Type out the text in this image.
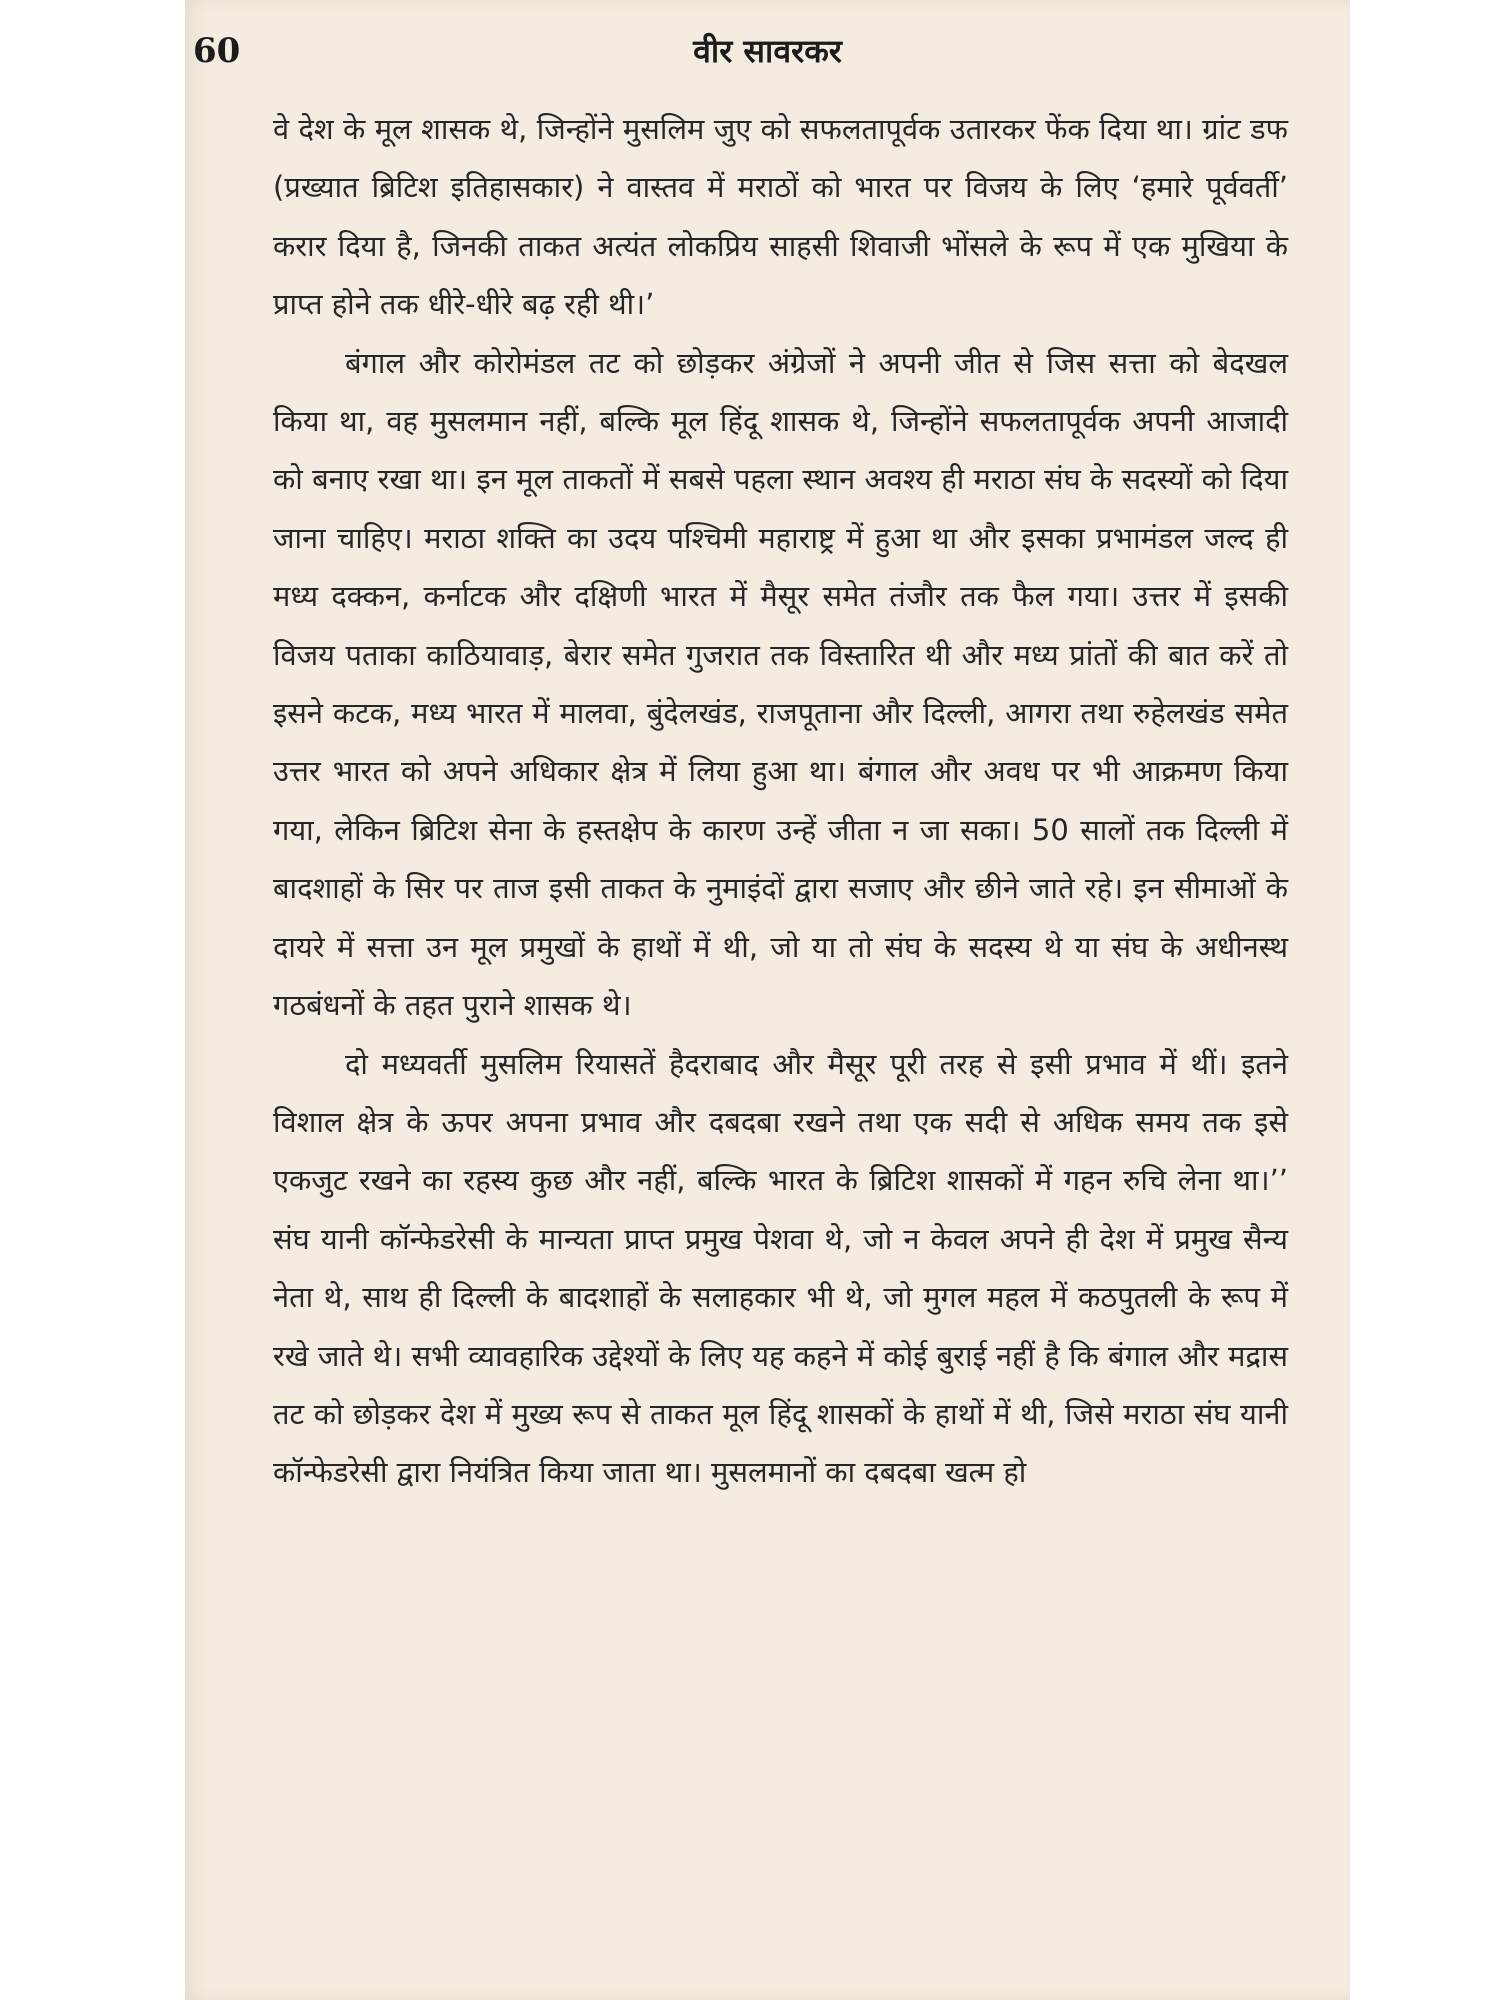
60	वीर सावरकर

वे देश के मूल शासक थे, जिन्होंने मुसलिम जुए को सफलतापूर्वक उतारकर फेंक दिया था। ग्रांट डफ (प्रख्यात ब्रिटिश इतिहासकार) ने वास्तव में मराठों को भारत पर विजय के लिए ‘हमारे पूर्ववर्ती’ करार दिया है, जिनकी ताकत अत्यंत लोकप्रिय साहसी शिवाजी भोंसले के रूप में एक मुखिया के प्राप्त होने तक धीरे-धीरे बढ़ रही थी।’

बंगाल और कोरोमंडल तट को छोड़कर अंग्रेजों ने अपनी जीत से जिस सत्ता को बेदखल किया था, वह मुसलमान नहीं, बल्कि मूल हिंदू शासक थे, जिन्होंने सफलतापूर्वक अपनी आजादी को बनाए रखा था। इन मूल ताकतों में सबसे पहला स्थान अवश्य ही मराठा संघ के सदस्यों को दिया जाना चाहिए। मराठा शक्ति का उदय पश्चिमी महाराष्ट्र में हुआ था और इसका प्रभामंडल जल्द ही मध्य दक्कन, कर्नाटक और दक्षिणी भारत में मैसूर समेत तंजौर तक फैल गया। उत्तर में इसकी विजय पताका काठियावाड़, बेरार समेत गुजरात तक विस्तारित थी और मध्य प्रांतों की बात करें तो इसने कटक, मध्य भारत में मालवा, बुंदेलखंड, राजपूताना और दिल्ली, आगरा तथा रुहेलखंड समेत उत्तर भारत को अपने अधिकार क्षेत्र में लिया हुआ था। बंगाल और अवध पर भी आक्रमण किया गया, लेकिन ब्रिटिश सेना के हस्तक्षेप के कारण उन्हें जीता न जा सका। 50 सालों तक दिल्ली में बादशाहों के सिर पर ताज इसी ताकत के नुमाइंदों द्वारा सजाए और छीने जाते रहे। इन सीमाओं के दायरे में सत्ता उन मूल प्रमुखों के हाथों में थी, जो या तो संघ के सदस्य थे या संघ के अधीनस्थ गठबंधनों के तहत पुराने शासक थे।

दो मध्यवर्ती मुसलिम रियासतें हैदराबाद और मैसूर पूरी तरह से इसी प्रभाव में थीं। इतने विशाल क्षेत्र के ऊपर अपना प्रभाव और दबदबा रखने तथा एक सदी से अधिक समय तक इसे एकजुट रखने का रहस्य कुछ और नहीं, बल्कि भारत के ब्रिटिश शासकों में गहन रुचि लेना था।’’ संघ यानी कॉन्फेडरेसी के मान्यता प्राप्त प्रमुख पेशवा थे, जो न केवल अपने ही देश में प्रमुख सैन्य नेता थे, साथ ही दिल्ली के बादशाहों के सलाहकार भी थे, जो मुगल महल में कठपुतली के रूप में रखे जाते थे। सभी व्यावहारिक उद्देश्यों के लिए यह कहने में कोई बुराई नहीं है कि बंगाल और मद्रास तट को छोड़कर देश में मुख्य रूप से ताकत मूल हिंदू शासकों के हाथों में थी, जिसे मराठा संघ यानी कॉन्फेडरेसी द्वारा नियंत्रित किया जाता था। मुसलमानों का दबदबा खत्म हो
